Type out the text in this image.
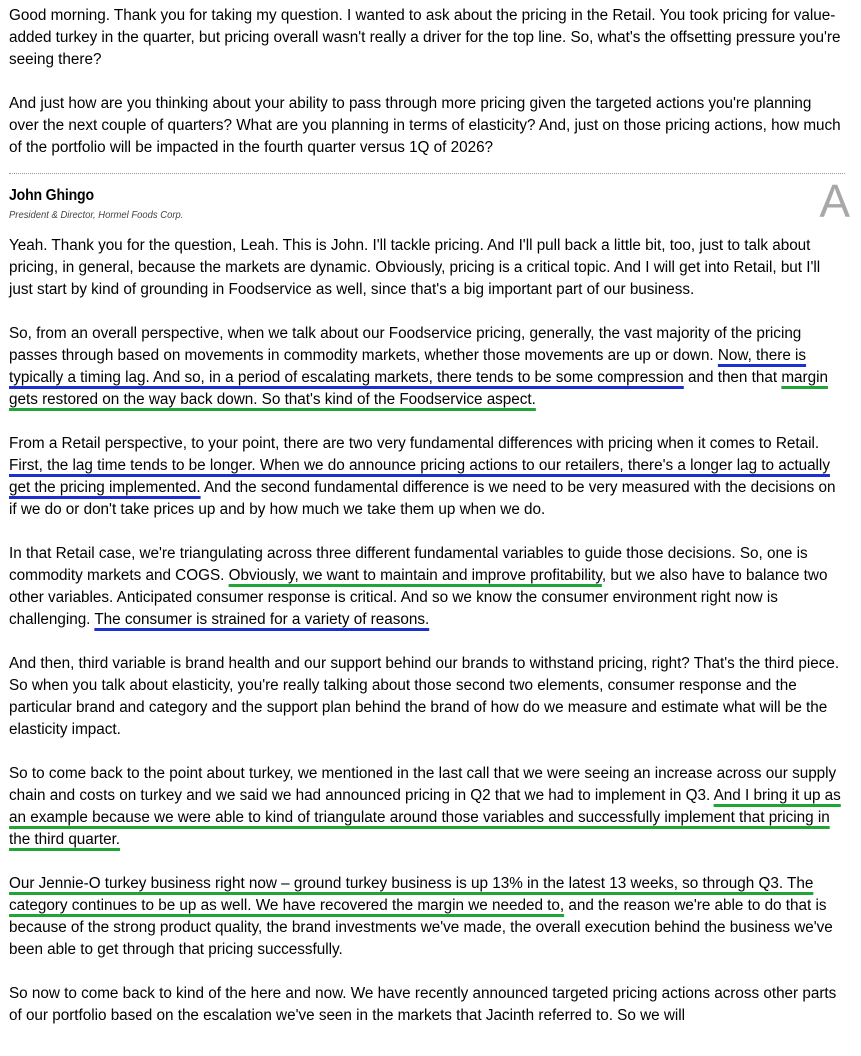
Good morning. Thank you for taking my question. I wanted to ask about the pricing in the Retail. You took pricing for value-added turkey in the quarter, but pricing overall wasn't really a driver for the top line. So, what's the offsetting pressure you're seeing there?

And just how are you thinking about your ability to pass through more pricing given the targeted actions you're planning over the next couple of quarters? What are you planning in terms of elasticity? And, just on those pricing actions, how much of the portfolio will be impacted in the fourth quarter versus 1Q of 2026?

John Ghingo
President & Director, Hormel Foods Corp.	A

Yeah. Thank you for the question, Leah. This is John. I'll tackle pricing. And I'll pull back a little bit, too, just to talk about pricing, in general, because the markets are dynamic. Obviously, pricing is a critical topic. And I will get into Retail, but I'll just start by kind of grounding in Foodservice as well, since that's a big important part of our business.

So, from an overall perspective, when we talk about our Foodservice pricing, generally, the vast majority of the pricing passes through based on movements in commodity markets, whether those movements are up or down. Now, there is typically a timing lag. And so, in a period of escalating markets, there tends to be some compression and then that margin gets restored on the way back down. So that's kind of the Foodservice aspect.

From a Retail perspective, to your point, there are two very fundamental differences with pricing when it comes to Retail. First, the lag time tends to be longer. When we do announce pricing actions to our retailers, there's a longer lag to actually get the pricing implemented. And the second fundamental difference is we need to be very measured with the decisions on if we do or don't take prices up and by how much we take them up when we do.

In that Retail case, we're triangulating across three different fundamental variables to guide those decisions. So, one is commodity markets and COGS. Obviously, we want to maintain and improve profitability, but we also have to balance two other variables. Anticipated consumer response is critical. And so we know the consumer environment right now is challenging. The consumer is strained for a variety of reasons.

And then, third variable is brand health and our support behind our brands to withstand pricing, right? That's the third piece. So when you talk about elasticity, you're really talking about those second two elements, consumer response and the particular brand and category and the support plan behind the brand of how do we measure and estimate what will be the elasticity impact.

So to come back to the point about turkey, we mentioned in the last call that we were seeing an increase across our supply chain and costs on turkey and we said we had announced pricing in Q2 that we had to implement in Q3. And I bring it up as an example because we were able to kind of triangulate around those variables and successfully implement that pricing in the third quarter.

Our Jennie-O turkey business right now – ground turkey business is up 13% in the latest 13 weeks, so through Q3. The category continues to be up as well. We have recovered the margin we needed to, and the reason we're able to do that is because of the strong product quality, the brand investments we've made, the overall execution behind the business we've been able to get through that pricing successfully.

So now to come back to kind of the here and now. We have recently announced targeted pricing actions across other parts of our portfolio based on the escalation we've seen in the markets that Jacinth referred to. So we will
